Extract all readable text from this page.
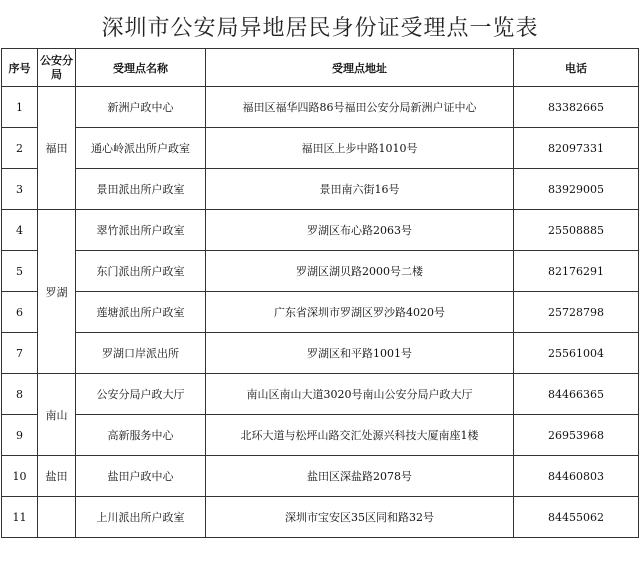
深圳市公安局异地居民身份证受理点一览表
序号	公安分局	受理点名称	受理点地址	电话
1	福田	新洲户政中心	福田区福华四路86号福田公安分局新洲户证中心	83382665
2		通心岭派出所户政室	福田区上步中路1010号	82097331
3		景田派出所户政室	景田南六街16号	83929005
4	罗湖	翠竹派出所户政室	罗湖区布心路2063号	25508885
5		东门派出所户政室	罗湖区湖贝路2000号二楼	82176291
6		莲塘派出所户政室	广东省深圳市罗湖区罗沙路4020号	25728798
7		罗湖口岸派出所	罗湖区和平路1001号	25561004
8	南山	公安分局户政大厅	南山区南山大道3020号南山公安分局户政大厅	84466365
9		高新服务中心	北环大道与松坪山路交汇处源兴科技大厦南座1楼	26953968
10	盐田	盐田户政中心	盐田区深盐路2078号	84460803
11		上川派出所户政室	深圳市宝安区35区同和路32号	84455062
